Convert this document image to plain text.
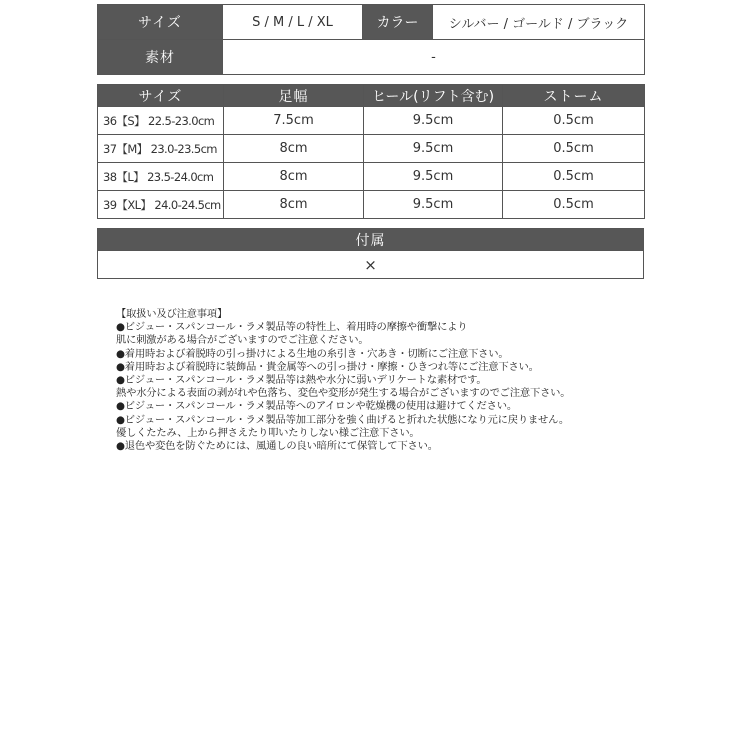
サイズ	S / M / L / XL	カラー	シルバー / ゴールド / ブラック
素材	-		
サイズ	足幅	ヒール(リフト含む)	ストーム
36【S】 22.5-23.0cm	7.5cm	9.5cm	0.5cm
37【M】 23.0-23.5cm	8cm	9.5cm	0.5cm
38【L】 23.5-24.0cm	8cm	9.5cm	0.5cm
39【XL】 24.0-24.5cm	8cm	9.5cm	0.5cm
付属
×
【取扱い及び注意事項】
●ビジュー・スパンコール・ラメ製品等の特性上、着用時の摩擦や衝撃により
肌に刺激がある場合がございますのでご注意ください。
●着用時および着脱時の引っ掛けによる生地の糸引き・穴あき・切断にご注意下さい。
●着用時および着脱時に装飾品・貴金属等への引っ掛け・摩擦・ひきつれ等にご注意下さい。
●ビジュー・スパンコール・ラメ製品等は熱や水分に弱いデリケートな素材です。
熱や水分による表面の剥がれや色落ち、変色や変形が発生する場合がございますのでご注意下さい。
●ビジュー・スパンコール・ラメ製品等へのアイロンや乾燥機の使用は避けてください。
●ビジュー・スパンコール・ラメ製品等加工部分を強く曲げると折れた状態になり元に戻りません。
優しくたたみ、上から押さえたり叩いたりしない様ご注意下さい。
●退色や変色を防ぐためには、風通しの良い暗所にて保管して下さい。
